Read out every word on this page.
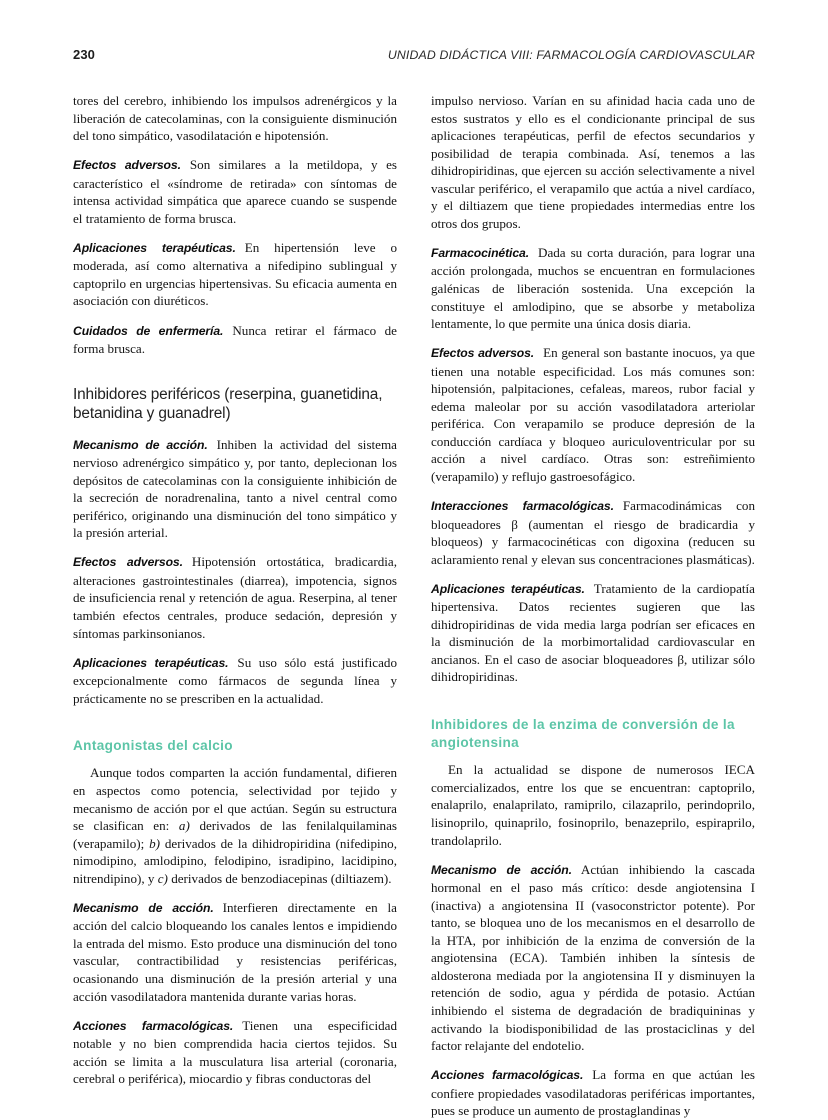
230	UNIDAD DIDÁCTICA VIII: FARMACOLOGÍA CARDIOVASCULAR

tores del cerebro, inhibiendo los impulsos adrenérgicos y la liberación de catecolaminas, con la consiguiente disminución del tono simpático, vasodilatación e hipotensión.

Efectos adversos. Son similares a la metildopa, y es característico el «síndrome de retirada» con síntomas de intensa actividad simpática que aparece cuando se suspende el tratamiento de forma brusca.

Aplicaciones terapéuticas. En hipertensión leve o moderada, así como alternativa a nifedipino sublingual y captoprilo en urgencias hipertensivas. Su eficacia aumenta en asociación con diuréticos.

Cuidados de enfermería. Nunca retirar el fármaco de forma brusca.

Inhibidores periféricos (reserpina, guanetidina, betanidina y guanadrel)

Mecanismo de acción. Inhiben la actividad del sistema nervioso adrenérgico simpático y, por tanto, deplecionan los depósitos de catecolaminas con la consiguiente inhibición de la secreción de noradrenalina, tanto a nivel central como periférico, originando una disminución del tono simpático y la presión arterial.

Efectos adversos. Hipotensión ortostática, bradicardia, alteraciones gastrointestinales (diarrea), impotencia, signos de insuficiencia renal y retención de agua. Reserpina, al tener también efectos centrales, produce sedación, depresión y síntomas parkinsonianos.

Aplicaciones terapéuticas. Su uso sólo está justificado excepcionalmente como fármacos de segunda línea y prácticamente no se prescriben en la actualidad.

Antagonistas del calcio

Aunque todos comparten la acción fundamental, difieren en aspectos como potencia, selectividad por tejido y mecanismo de acción por el que actúan. Según su estructura se clasifican en: a) derivados de las fenilalquilaminas (verapamilo); b) derivados de la dihidropiridina (nifedipino, nimodipino, amlodipino, felodipino, isradipino, lacidipino, nitrendipino), y c) derivados de benzodiacepinas (diltiazem).

Mecanismo de acción. Interfieren directamente en la acción del calcio bloqueando los canales lentos e impidiendo la entrada del mismo. Esto produce una disminución del tono vascular, contractibilidad y resistencias periféricas, ocasionando una disminución de la presión arterial y una acción vasodilatadora mantenida durante varias horas.

Acciones farmacológicas. Tienen una especificidad notable y no bien comprendida hacia ciertos tejidos. Su acción se limita a la musculatura lisa arterial (coronaria, cerebral o periférica), miocardio y fibras conductoras del

impulso nervioso. Varían en su afinidad hacia cada uno de estos sustratos y ello es el condicionante principal de sus aplicaciones terapéuticas, perfil de efectos secundarios y posibilidad de terapia combinada. Así, tenemos a las dihidropiridinas, que ejercen su acción selectivamente a nivel vascular periférico, el verapamilo que actúa a nivel cardíaco, y el diltiazem que tiene propiedades intermedias entre los otros dos grupos.

Farmacocinética. Dada su corta duración, para lograr una acción prolongada, muchos se encuentran en formulaciones galénicas de liberación sostenida. Una excepción la constituye el amlodipino, que se absorbe y metaboliza lentamente, lo que permite una única dosis diaria.

Efectos adversos. En general son bastante inocuos, ya que tienen una notable especificidad. Los más comunes son: hipotensión, palpitaciones, cefaleas, mareos, rubor facial y edema maleolar por su acción vasodilatadora arteriolar periférica. Con verapamilo se produce depresión de la conducción cardíaca y bloqueo auriculoventricular por su acción a nivel cardíaco. Otras son: estreñimiento (verapamilo) y reflujo gastroesofágico.

Interacciones farmacológicas. Farmacodinámicas con bloqueadores β (aumentan el riesgo de bradicardia y bloqueos) y farmacocinéticas con digoxina (reducen su aclaramiento renal y elevan sus concentraciones plasmáticas).

Aplicaciones terapéuticas. Tratamiento de la cardiopatía hipertensiva. Datos recientes sugieren que las dihidropiridinas de vida media larga podrían ser eficaces en la disminución de la morbimortalidad cardiovascular en ancianos. En el caso de asociar bloqueadores β, utilizar sólo dihidropiridinas.

Inhibidores de la enzima de conversión de la angiotensina

En la actualidad se dispone de numerosos IECA comercializados, entre los que se encuentran: captoprilo, enalaprilo, enalaprilato, ramiprilo, cilazaprilo, perindoprilo, lisinoprilo, quinaprilo, fosinoprilo, benazeprilo, espiraprilo, trandolaprilo.

Mecanismo de acción. Actúan inhibiendo la cascada hormonal en el paso más crítico: desde angiotensina I (inactiva) a angiotensina II (vasoconstrictor potente). Por tanto, se bloquea uno de los mecanismos en el desarrollo de la HTA, por inhibición de la enzima de conversión de la angiotensina (ECA). También inhiben la síntesis de aldosterona mediada por la angiotensina II y disminuyen la retención de sodio, agua y pérdida de potasio. Actúan inhibiendo el sistema de degradación de bradiquininas y activando la biodisponibilidad de las prostaciclinas y del factor relajante del endotelio.

Acciones farmacológicas. La forma en que actúan les confiere propiedades vasodilatadoras periféricas importantes, pues se produce un aumento de prostaglandinas y
